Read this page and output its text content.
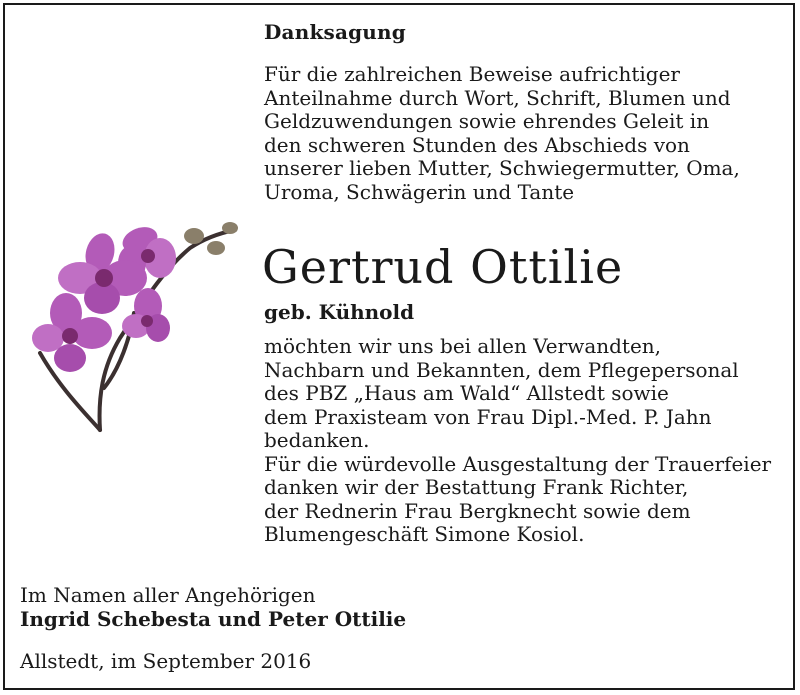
Danksagung
Für die zahlreichen Beweise aufrichtiger
Anteilnahme durch Wort, Schrift, Blumen und
Geldzuwendungen sowie ehrendes Geleit in
den schweren Stunden des Abschieds von
unserer lieben Mutter, Schwiegermutter, Oma,
Uroma, Schwägerin und Tante
Gertrud Ottilie
geb. Kühnold
möchten wir uns bei allen Verwandten,
Nachbarn und Bekannten, dem Pflegepersonal
des PBZ „Haus am Wald“ Allstedt sowie
dem Praxisteam von Frau Dipl.-Med. P. Jahn
bedanken.
Für die würdevolle Ausgestaltung der Trauerfeier
danken wir der Bestattung Frank Richter,
der Rednerin Frau Bergknecht sowie dem
Blumengeschäft Simone Kosiol.
Im Namen aller Angehörigen
Ingrid Schebesta und Peter Ottilie
Allstedt, im September 2016
